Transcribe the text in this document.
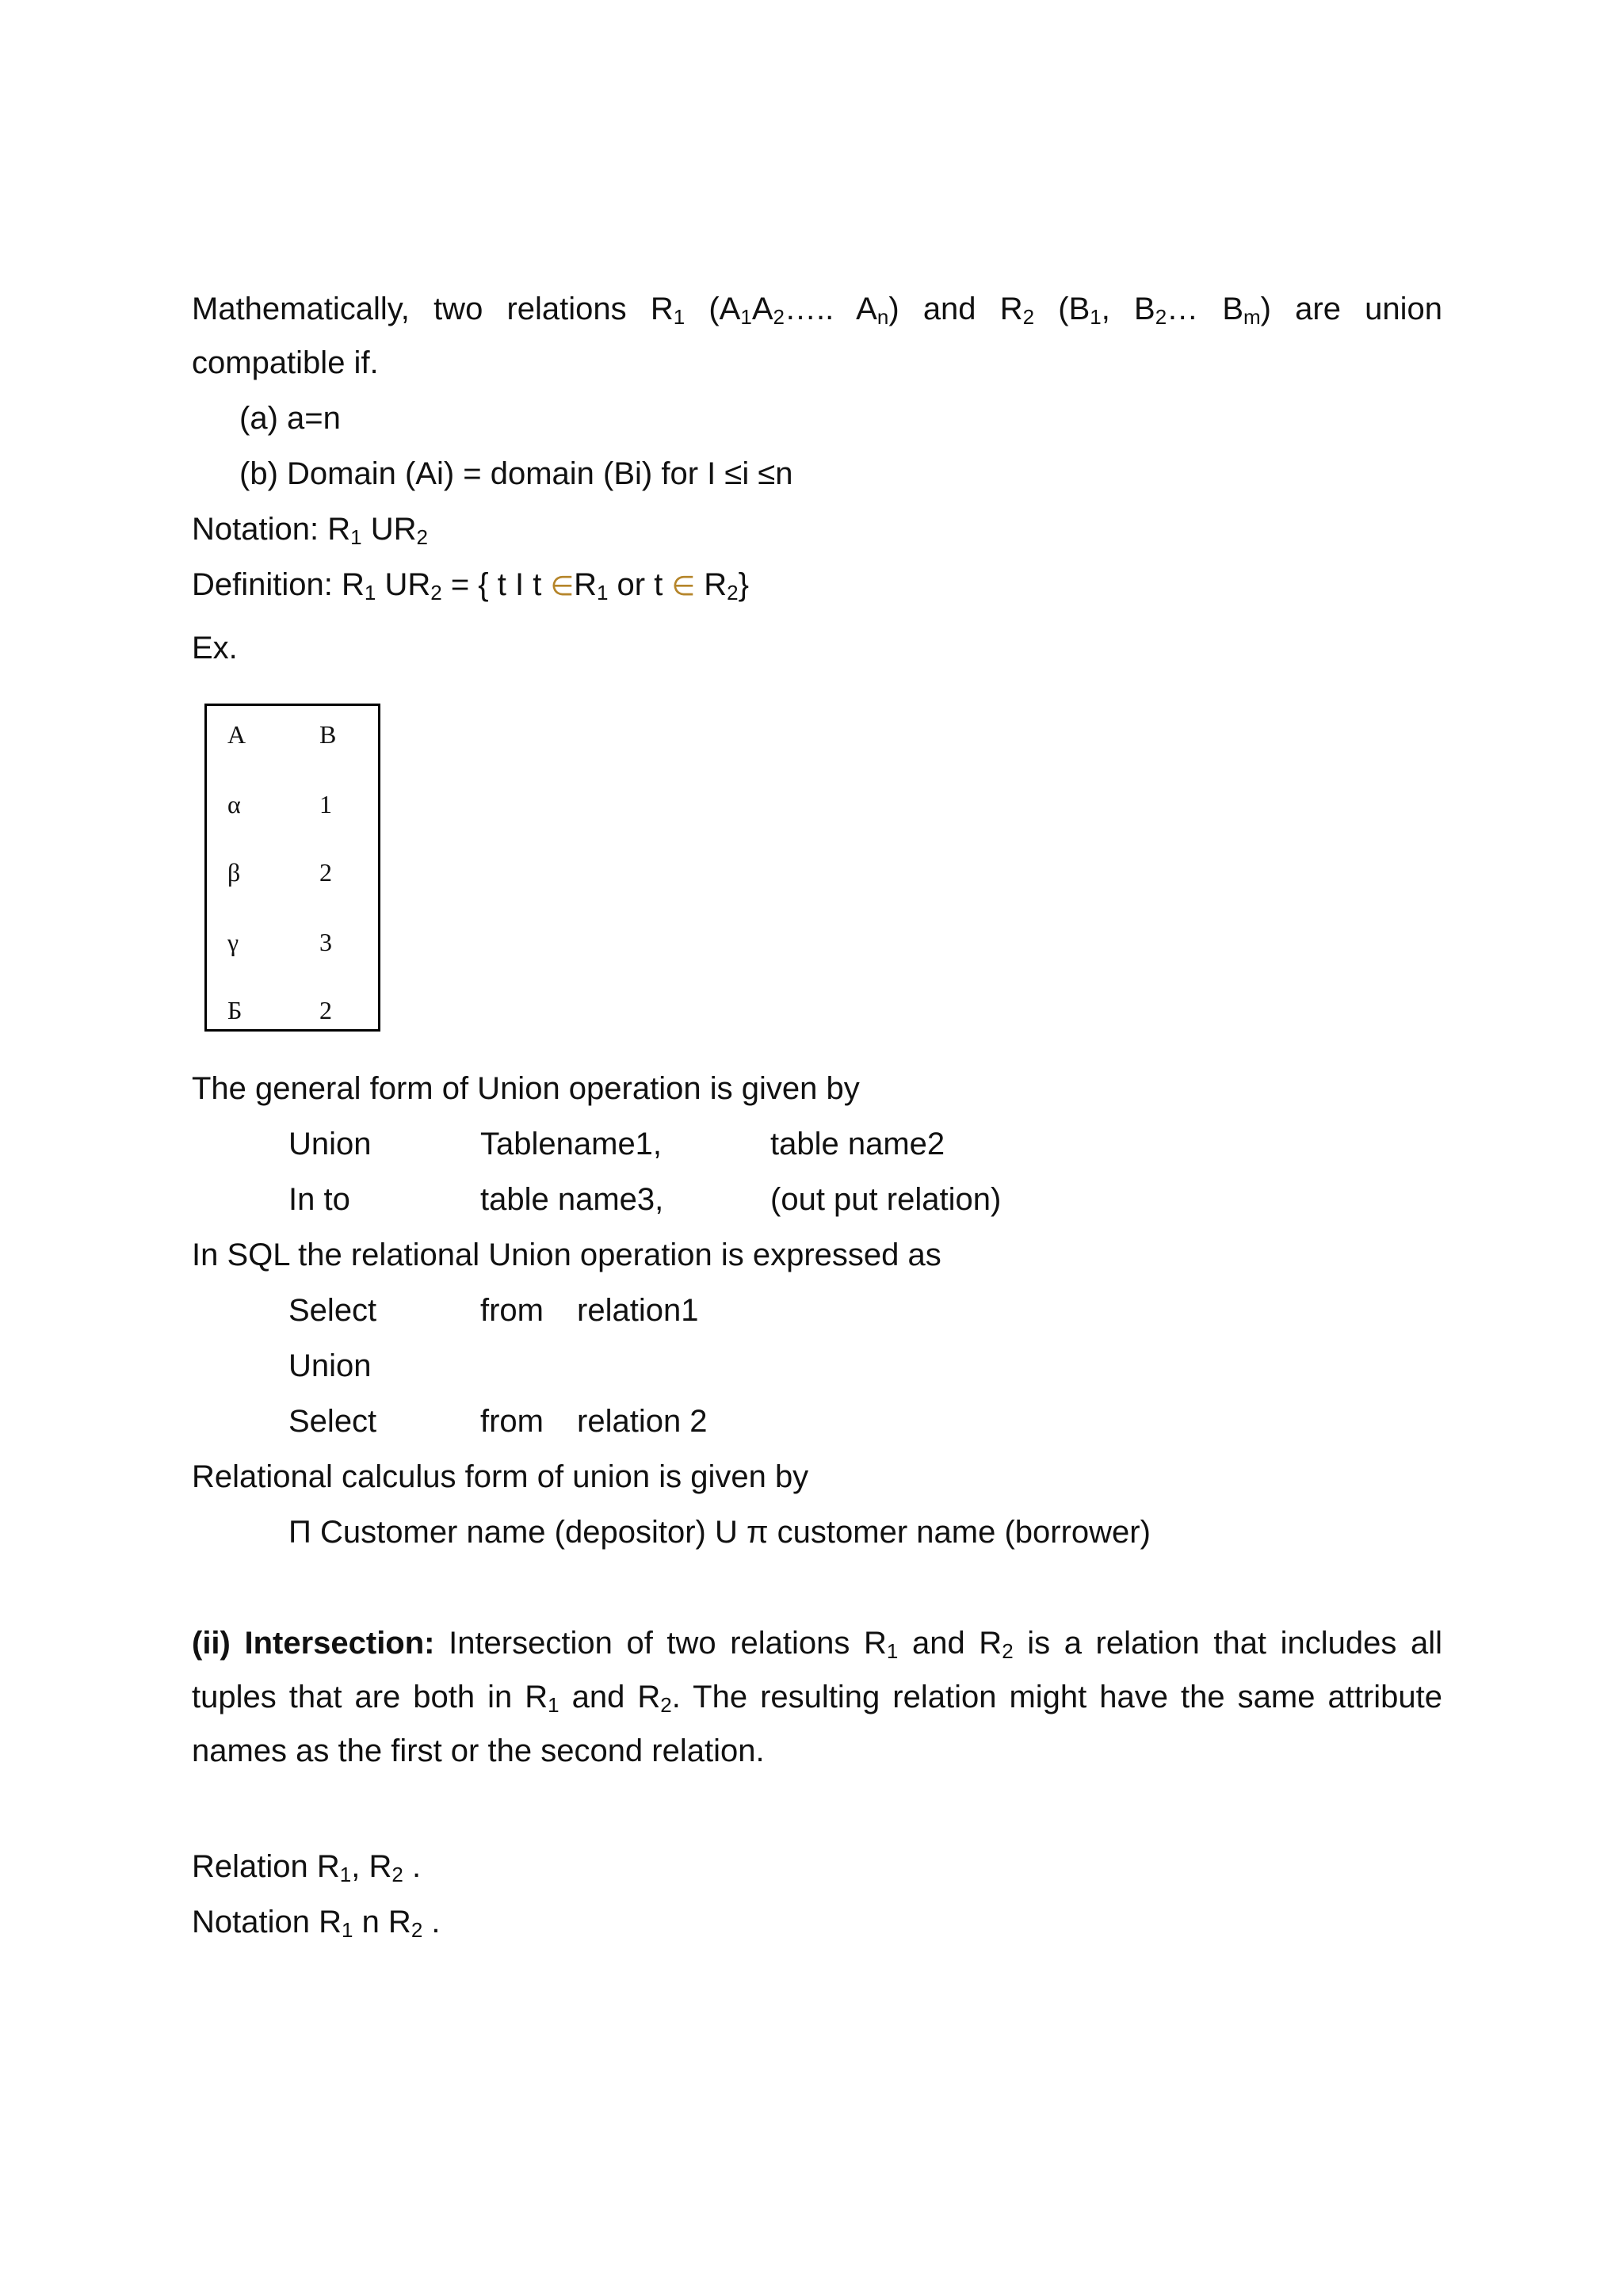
Mathematically, two relations $R_1$ ($A_1A_2\dots$.. $A_n$) and $R_2$ ($B_1$, $B_2\dots$ $B_m$) are union
compatible if.
(a) a=n
(b) Domain (Ai) = domain (Bi) for I ≤i ≤n
Notation: $R_1$ $UR_2$
Definition: $R_1$ $UR_2$ = { t I t $\in R_1$ or t ∈ $R_2$}
Ex.
A	B
α	1
β	2
γ	3
Б	2
The general form of Union operation is given by
Union	Tablename1,	table name2
In to	table name3,	(out put relation)
In SQL the relational Union operation is expressed as
Select	from relation1
Union
Select	from relation 2
Relational calculus form of union is given by
Π Customer name (depositor) U π customer name (borrower)
(ii) Intersection: Intersection of two relations $R_1$ and $R_2$ is a relation that includes all
tuples that are both in $R_1$ and $R_2$. The resulting relation might have the same attribute
names as the first or the second relation.
Relation $R_1$, $R_2$ .
Notation $R_1$ n $R_2$ .
